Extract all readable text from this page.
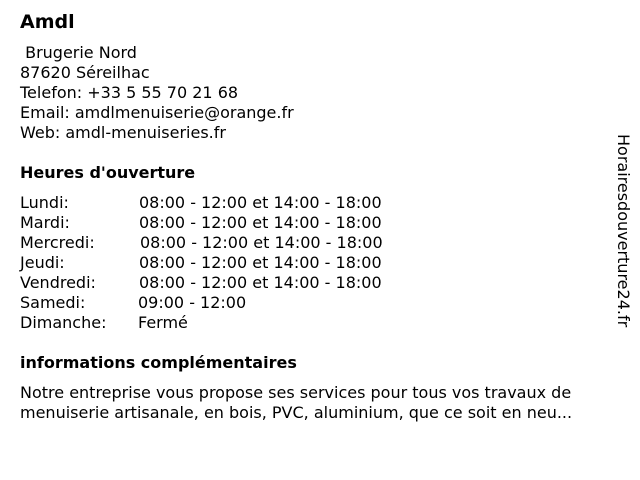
Amdl
Brugerie Nord
87620 Séreilhac
Telefon: +33 5 55 70 21 68
Email: amdlmenuiserie@orange.fr
Web: amdl-menuiseries.fr
Heures d'ouverture
Lundi:	08:00 - 12:00 et 14:00 - 18:00
Mardi:	08:00 - 12:00 et 14:00 - 18:00
Mercredi:	08:00 - 12:00 et 14:00 - 18:00
Jeudi:	08:00 - 12:00 et 14:00 - 18:00
Vendredi:	08:00 - 12:00 et 14:00 - 18:00
Samedi:	09:00 - 12:00
Dimanche: Fermé
informations complémentaires
Notre entreprise vous propose ses services pour tous vos travaux de
menuiserie artisanale, en bois, PVC, aluminium, que ce soit en neu...
Horairesdouverture24.fr
